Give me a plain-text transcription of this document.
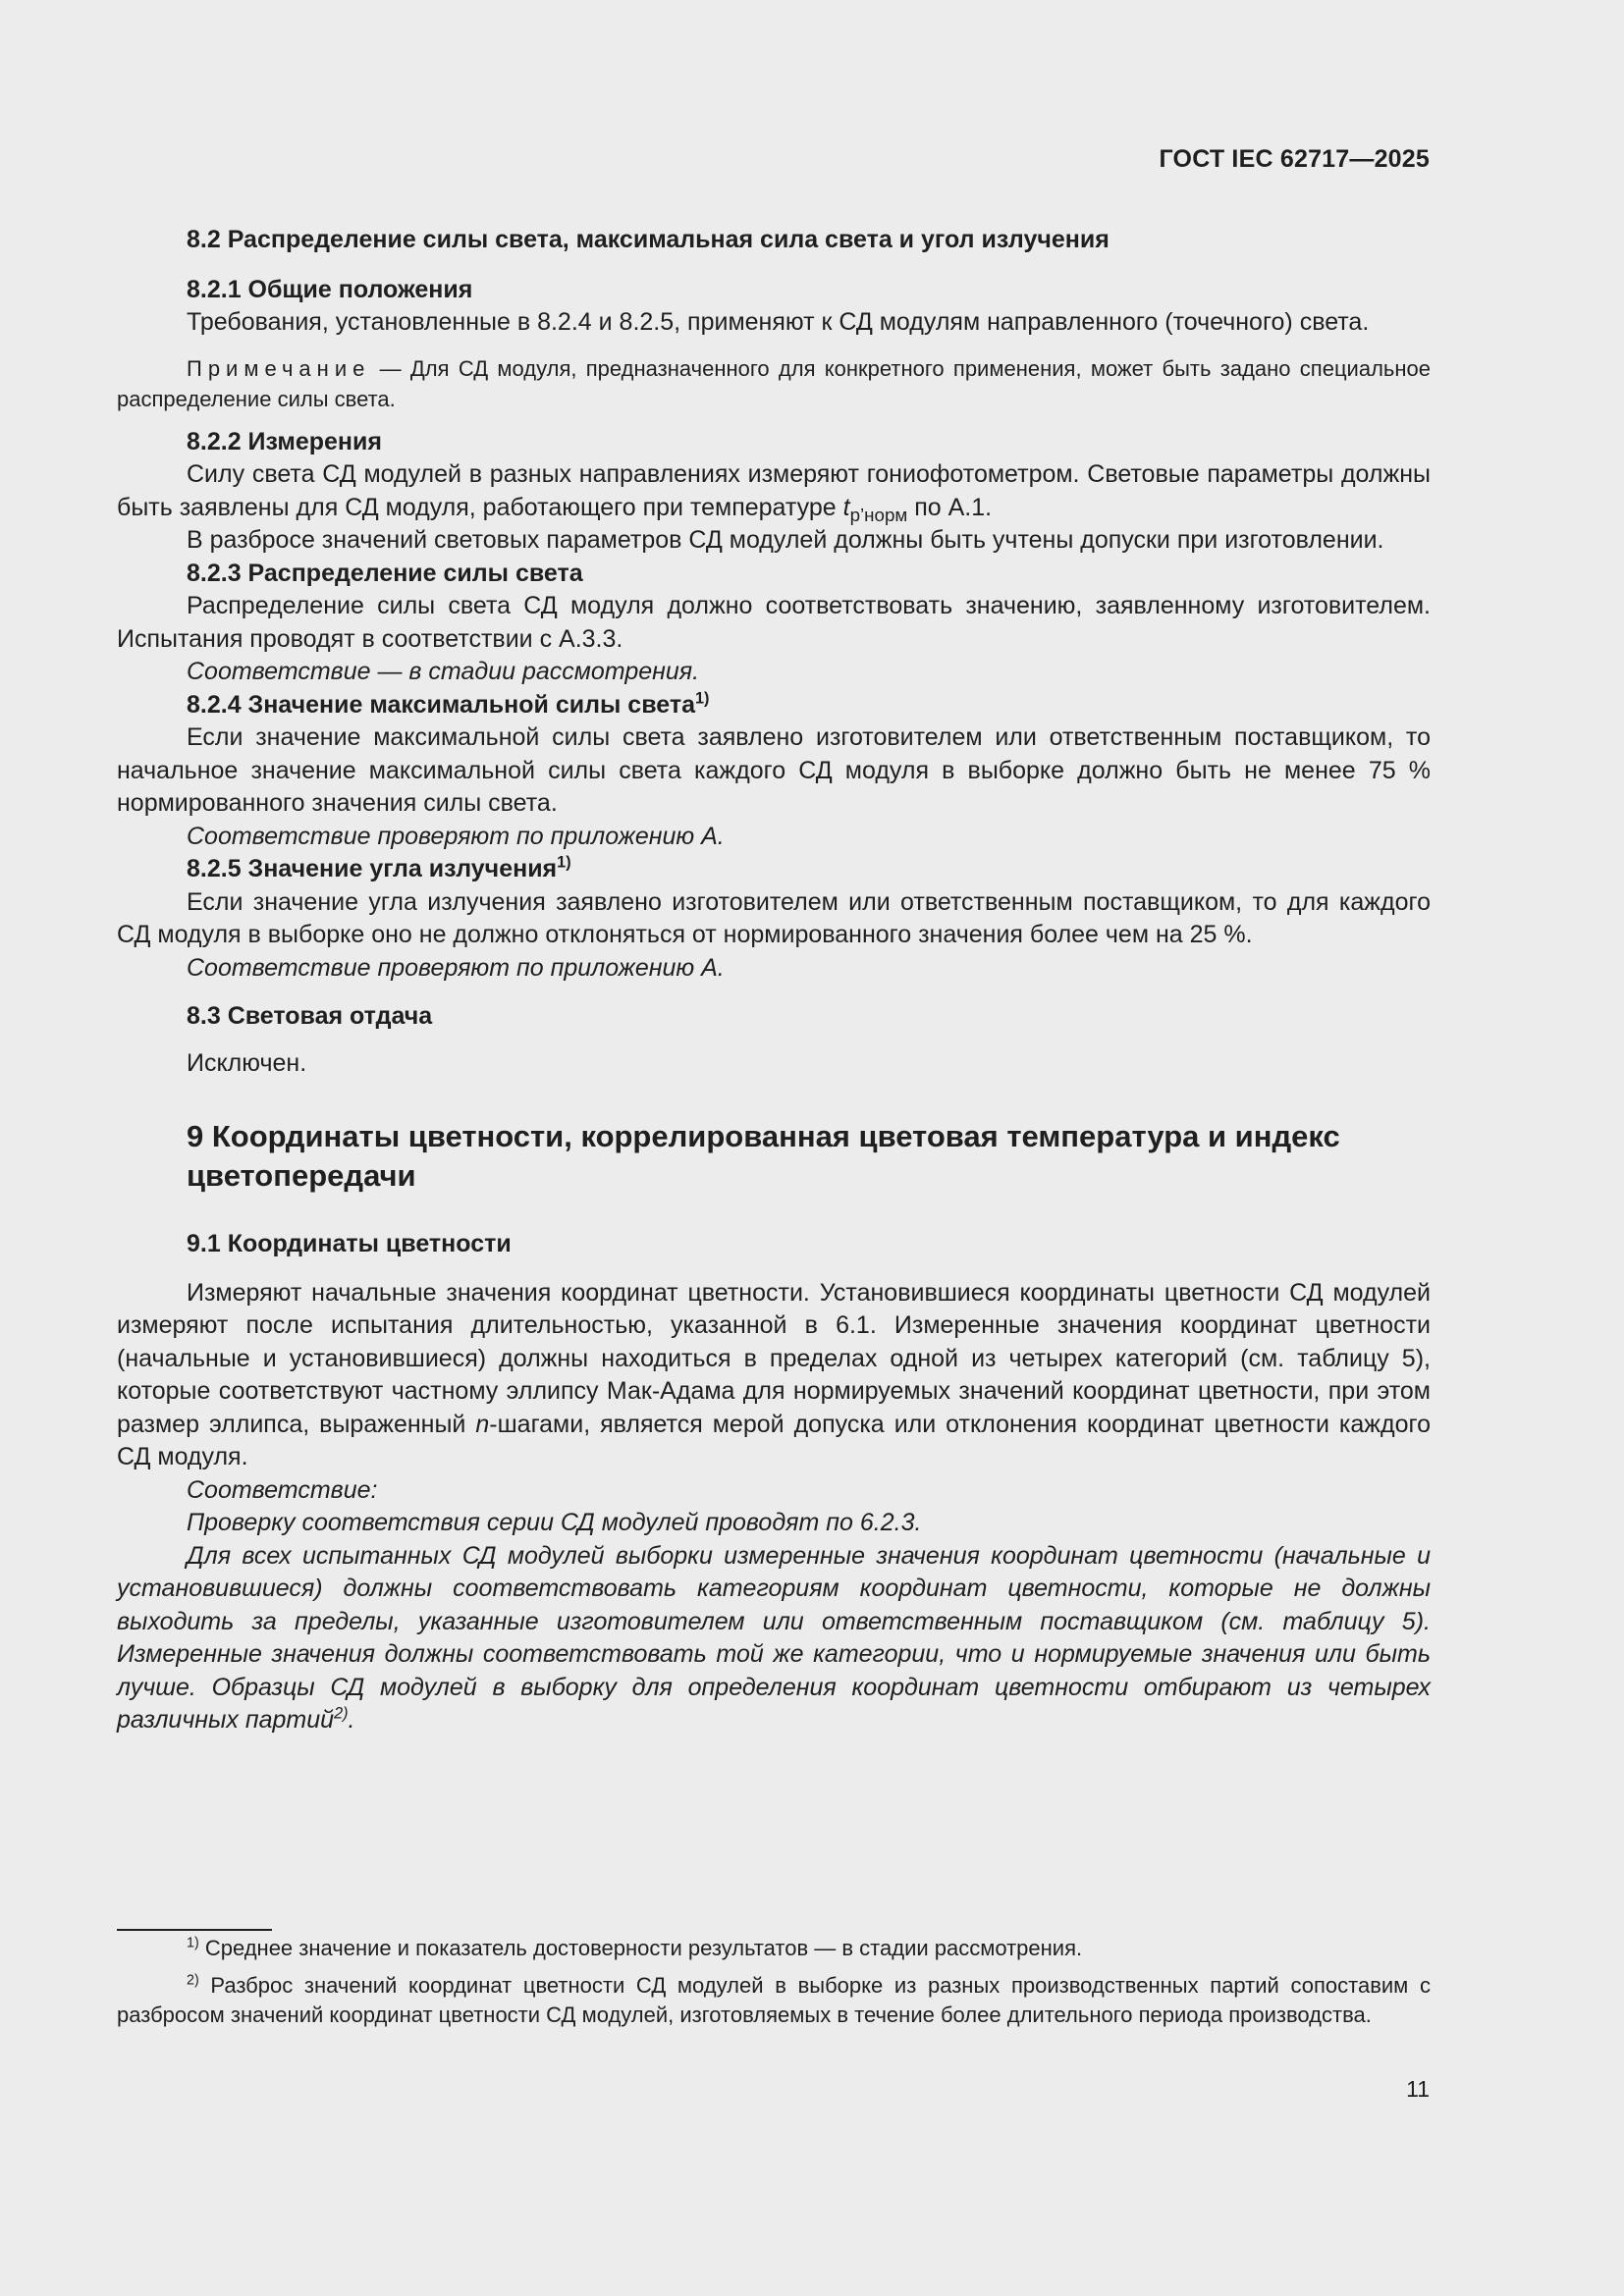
ГОСТ IEC 62717—2025

8.2 Распределение силы света, максимальная сила света и угол излучения

8.2.1 Общие положения

Требования, установленные в 8.2.4 и 8.2.5, применяют к СД модулям направленного (точечного) света.

Примечание — Для СД модуля, предназначенного для конкретного применения, может быть задано специальное распределение силы света.

8.2.2 Измерения

Силу света СД модулей в разных направлениях измеряют гониофотометром. Световые параметры должны быть заявлены для СД модуля, работающего при температуре $t_{p’норм}$ по А.1.

В разбросе значений световых параметров СД модулей должны быть учтены допуски при изготовлении.

8.2.3 Распределение силы света

Распределение силы света СД модуля должно соответствовать значению, заявленному изготовителем. Испытания проводят в соответствии с А.3.3.

Соответствие — в стадии рассмотрения.

8.2.4 Значение максимальной силы света$^{1)}$

Если значение максимальной силы света заявлено изготовителем или ответственным поставщиком, то начальное значение максимальной силы света каждого СД модуля в выборке должно быть не менее 75 % нормированного значения силы света.

Соответствие проверяют по приложению А.

8.2.5 Значение угла излучения$^{1)}$

Если значение угла излучения заявлено изготовителем или ответственным поставщиком, то для каждого СД модуля в выборке оно не должно отклоняться от нормированного значения более чем на 25 %.

Соответствие проверяют по приложению А.

8.3 Световая отдача

Исключен.

9 Координаты цветности, коррелированная цветовая температура и индекс цветопередачи

9.1 Координаты цветности

Измеряют начальные значения координат цветности. Установившиеся координаты цветности СД модулей измеряют после испытания длительностью, указанной в 6.1. Измеренные значения координат цветности (начальные и установившиеся) должны находиться в пределах одной из четырех категорий (см. таблицу 5), которые соответствуют частному эллипсу Мак-Адама для нормируемых значений координат цветности, при этом размер эллипса, выраженный n-шагами, является мерой допуска или отклонения координат цветности каждого СД модуля.

Соответствие:

Проверку соответствия серии СД модулей проводят по 6.2.3.

Для всех испытанных СД модулей выборки измеренные значения координат цветности (начальные и установившиеся) должны соответствовать категориям координат цветности, которые не должны выходить за пределы, указанные изготовителем или ответственным поставщиком (см. таблицу 5). Измеренные значения должны соответствовать той же категории, что и нормируемые значения или быть лучше. Образцы СД модулей в выборку для определения координат цветности отбирают из четырех различных партий$^{2)}$.

$^{1)}$ Среднее значение и показатель достоверности результатов — в стадии рассмотрения.

$^{2)}$ Разброс значений координат цветности СД модулей в выборке из разных производственных партий сопоставим с разбросом значений координат цветности СД модулей, изготовляемых в течение более длительного периода производства.

11
